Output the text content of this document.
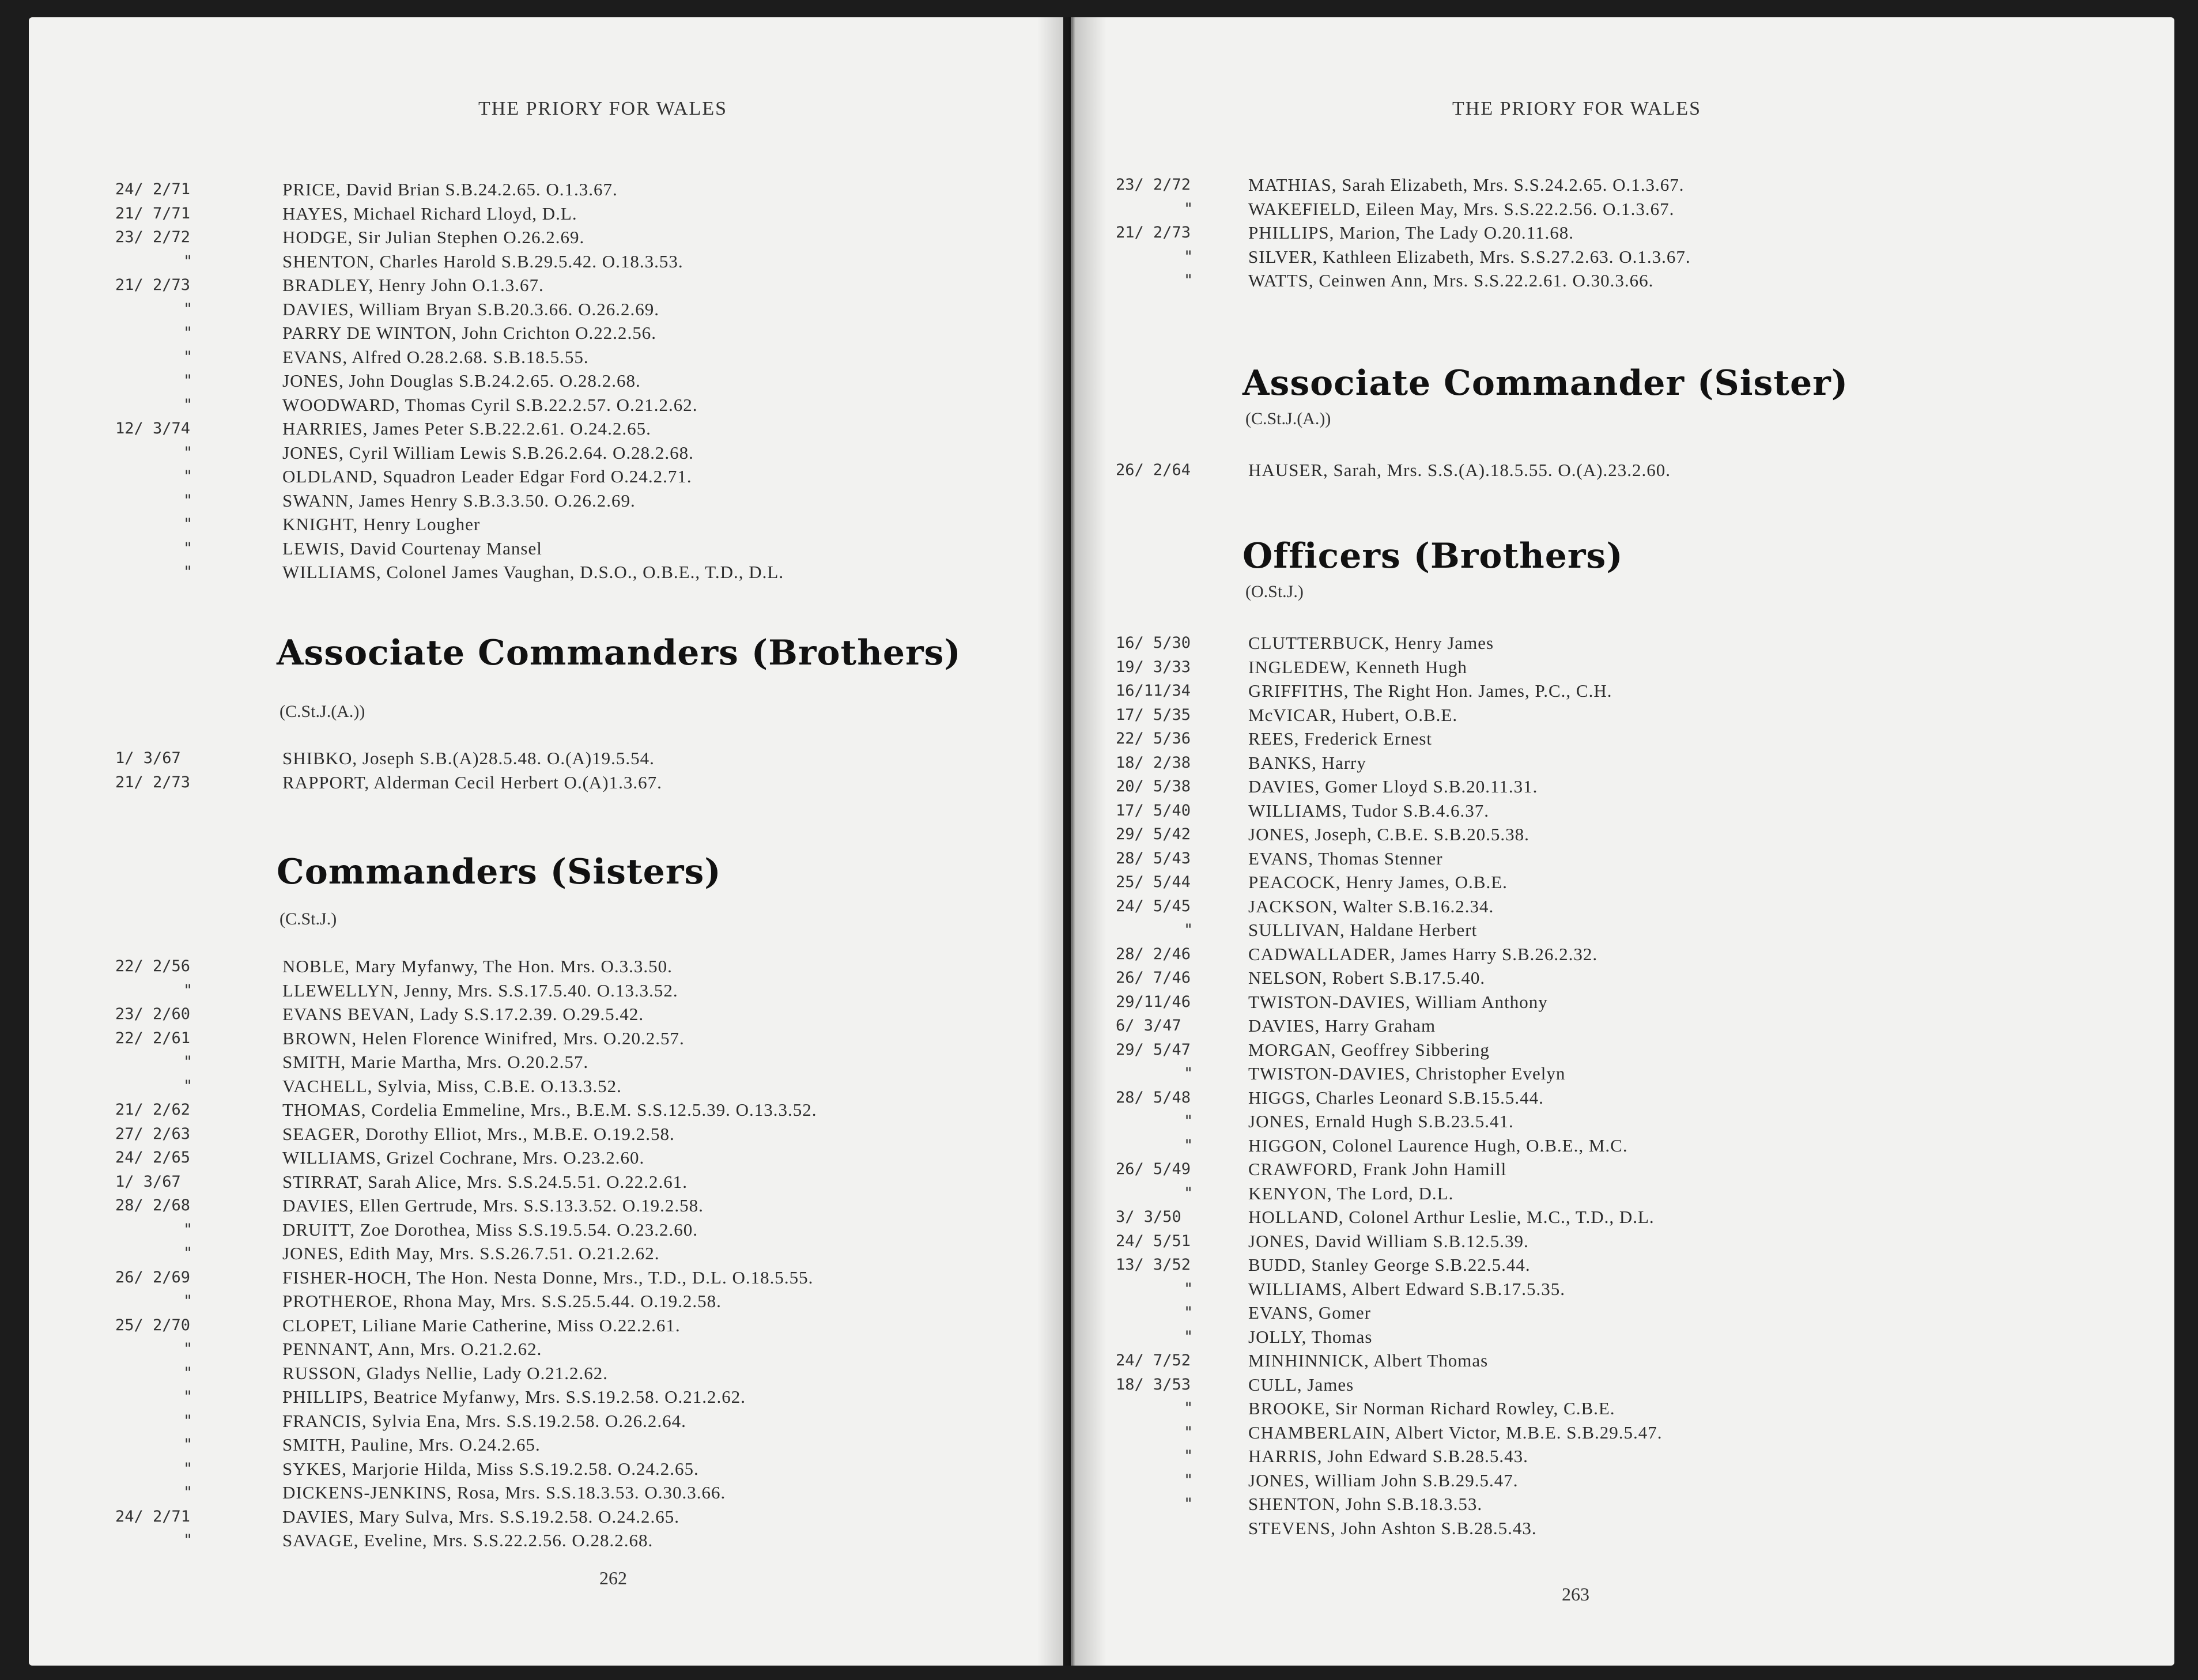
THE PRIORY FOR WALES
262
24/ 2/71	PRICE, David Brian S.B.24.2.65. O.1.3.67.
21/ 7/71	HAYES, Michael Richard Lloyd, D.L.
23/ 2/72	HODGE, Sir Julian Stephen O.26.2.69.
"	SHENTON, Charles Harold S.B.29.5.42. O.18.3.53.
21/ 2/73	BRADLEY, Henry John O.1.3.67.
"	DAVIES, William Bryan S.B.20.3.66. O.26.2.69.
"	PARRY DE WINTON, John Crichton O.22.2.56.
"	EVANS, Alfred O.28.2.68. S.B.18.5.55.
"	JONES, John Douglas S.B.24.2.65. O.28.2.68.
"	WOODWARD, Thomas Cyril S.B.22.2.57. O.21.2.62.
12/ 3/74	HARRIES, James Peter S.B.22.2.61. O.24.2.65.
"	JONES, Cyril William Lewis S.B.26.2.64. O.28.2.68.
"	OLDLAND, Squadron Leader Edgar Ford O.24.2.71.
"	SWANN, James Henry S.B.3.3.50. O.26.2.69.
"	KNIGHT, Henry Lougher
"	LEWIS, David Courtenay Mansel
"	WILLIAMS, Colonel James Vaughan, D.S.O., O.B.E., T.D., D.L.
Associate Commanders (Brothers)
(C.St.J.(A.))
1/ 3/67	SHIBKO, Joseph S.B.(A)28.5.48. O.(A)19.5.54.
21/ 2/73	RAPPORT, Alderman Cecil Herbert O.(A)1.3.67.
Commanders (Sisters)
(C.St.J.)
22/ 2/56	NOBLE, Mary Myfanwy, The Hon. Mrs. O.3.3.50.
"	LLEWELLYN, Jenny, Mrs. S.S.17.5.40. O.13.3.52.
23/ 2/60	EVANS BEVAN, Lady S.S.17.2.39. O.29.5.42.
22/ 2/61	BROWN, Helen Florence Winifred, Mrs. O.20.2.57.
"	SMITH, Marie Martha, Mrs. O.20.2.57.
"	VACHELL, Sylvia, Miss, C.B.E. O.13.3.52.
21/ 2/62	THOMAS, Cordelia Emmeline, Mrs., B.E.M. S.S.12.5.39. O.13.3.52.
27/ 2/63	SEAGER, Dorothy Elliot, Mrs., M.B.E. O.19.2.58.
24/ 2/65	WILLIAMS, Grizel Cochrane, Mrs. O.23.2.60.
1/ 3/67	STIRRAT, Sarah Alice, Mrs. S.S.24.5.51. O.22.2.61.
28/ 2/68	DAVIES, Ellen Gertrude, Mrs. S.S.13.3.52. O.19.2.58.
"	DRUITT, Zoe Dorothea, Miss S.S.19.5.54. O.23.2.60.
"	JONES, Edith May, Mrs. S.S.26.7.51. O.21.2.62.
26/ 2/69	FISHER-HOCH, The Hon. Nesta Donne, Mrs., T.D., D.L. O.18.5.55.
"	PROTHEROE, Rhona May, Mrs. S.S.25.5.44. O.19.2.58.
25/ 2/70	CLOPET, Liliane Marie Catherine, Miss O.22.2.61.
"	PENNANT, Ann, Mrs. O.21.2.62.
"	RUSSON, Gladys Nellie, Lady O.21.2.62.
"	PHILLIPS, Beatrice Myfanwy, Mrs. S.S.19.2.58. O.21.2.62.
"	FRANCIS, Sylvia Ena, Mrs. S.S.19.2.58. O.26.2.64.
"	SMITH, Pauline, Mrs. O.24.2.65.
"	SYKES, Marjorie Hilda, Miss S.S.19.2.58. O.24.2.65.
"	DICKENS-JENKINS, Rosa, Mrs. S.S.18.3.53. O.30.3.66.
24/ 2/71	DAVIES, Mary Sulva, Mrs. S.S.19.2.58. O.24.2.65.
"	SAVAGE, Eveline, Mrs. S.S.22.2.56. O.28.2.68.
THE PRIORY FOR WALES
263
23/ 2/72	MATHIAS, Sarah Elizabeth, Mrs. S.S.24.2.65. O.1.3.67.
"	WAKEFIELD, Eileen May, Mrs. S.S.22.2.56. O.1.3.67.
21/ 2/73	PHILLIPS, Marion, The Lady O.20.11.68.
"	SILVER, Kathleen Elizabeth, Mrs. S.S.27.2.63. O.1.3.67.
"	WATTS, Ceinwen Ann, Mrs. S.S.22.2.61. O.30.3.66.
Associate Commander (Sister)
(C.St.J.(A.))
26/ 2/64	HAUSER, Sarah, Mrs. S.S.(A).18.5.55. O.(A).23.2.60.
Officers (Brothers)
(O.St.J.)
16/ 5/30	CLUTTERBUCK, Henry James
19/ 3/33	INGLEDEW, Kenneth Hugh
16/11/34	GRIFFITHS, The Right Hon. James, P.C., C.H.
17/ 5/35	McVICAR, Hubert, O.B.E.
22/ 5/36	REES, Frederick Ernest
18/ 2/38	BANKS, Harry
20/ 5/38	DAVIES, Gomer Lloyd S.B.20.11.31.
17/ 5/40	WILLIAMS, Tudor S.B.4.6.37.
29/ 5/42	JONES, Joseph, C.B.E. S.B.20.5.38.
28/ 5/43	EVANS, Thomas Stenner
25/ 5/44	PEACOCK, Henry James, O.B.E.
24/ 5/45	JACKSON, Walter S.B.16.2.34.
"	SULLIVAN, Haldane Herbert
28/ 2/46	CADWALLADER, James Harry S.B.26.2.32.
26/ 7/46	NELSON, Robert S.B.17.5.40.
29/11/46	TWISTON-DAVIES, William Anthony
6/ 3/47	DAVIES, Harry Graham
29/ 5/47	MORGAN, Geoffrey Sibbering
"	TWISTON-DAVIES, Christopher Evelyn
28/ 5/48	HIGGS, Charles Leonard S.B.15.5.44.
"	JONES, Ernald Hugh S.B.23.5.41.
"	HIGGON, Colonel Laurence Hugh, O.B.E., M.C.
26/ 5/49	CRAWFORD, Frank John Hamill
"	KENYON, The Lord, D.L.
3/ 3/50	HOLLAND, Colonel Arthur Leslie, M.C., T.D., D.L.
24/ 5/51	JONES, David William S.B.12.5.39.
13/ 3/52	BUDD, Stanley George S.B.22.5.44.
"	WILLIAMS, Albert Edward S.B.17.5.35.
"	EVANS, Gomer
"	JOLLY, Thomas
24/ 7/52	MINHINNICK, Albert Thomas
18/ 3/53	CULL, James
"	BROOKE, Sir Norman Richard Rowley, C.B.E.
"	CHAMBERLAIN, Albert Victor, M.B.E. S.B.29.5.47.
"	HARRIS, John Edward S.B.28.5.43.
"	JONES, William John S.B.29.5.47.
"	SHENTON, John S.B.18.3.53.
STEVENS, John Ashton S.B.28.5.43.
